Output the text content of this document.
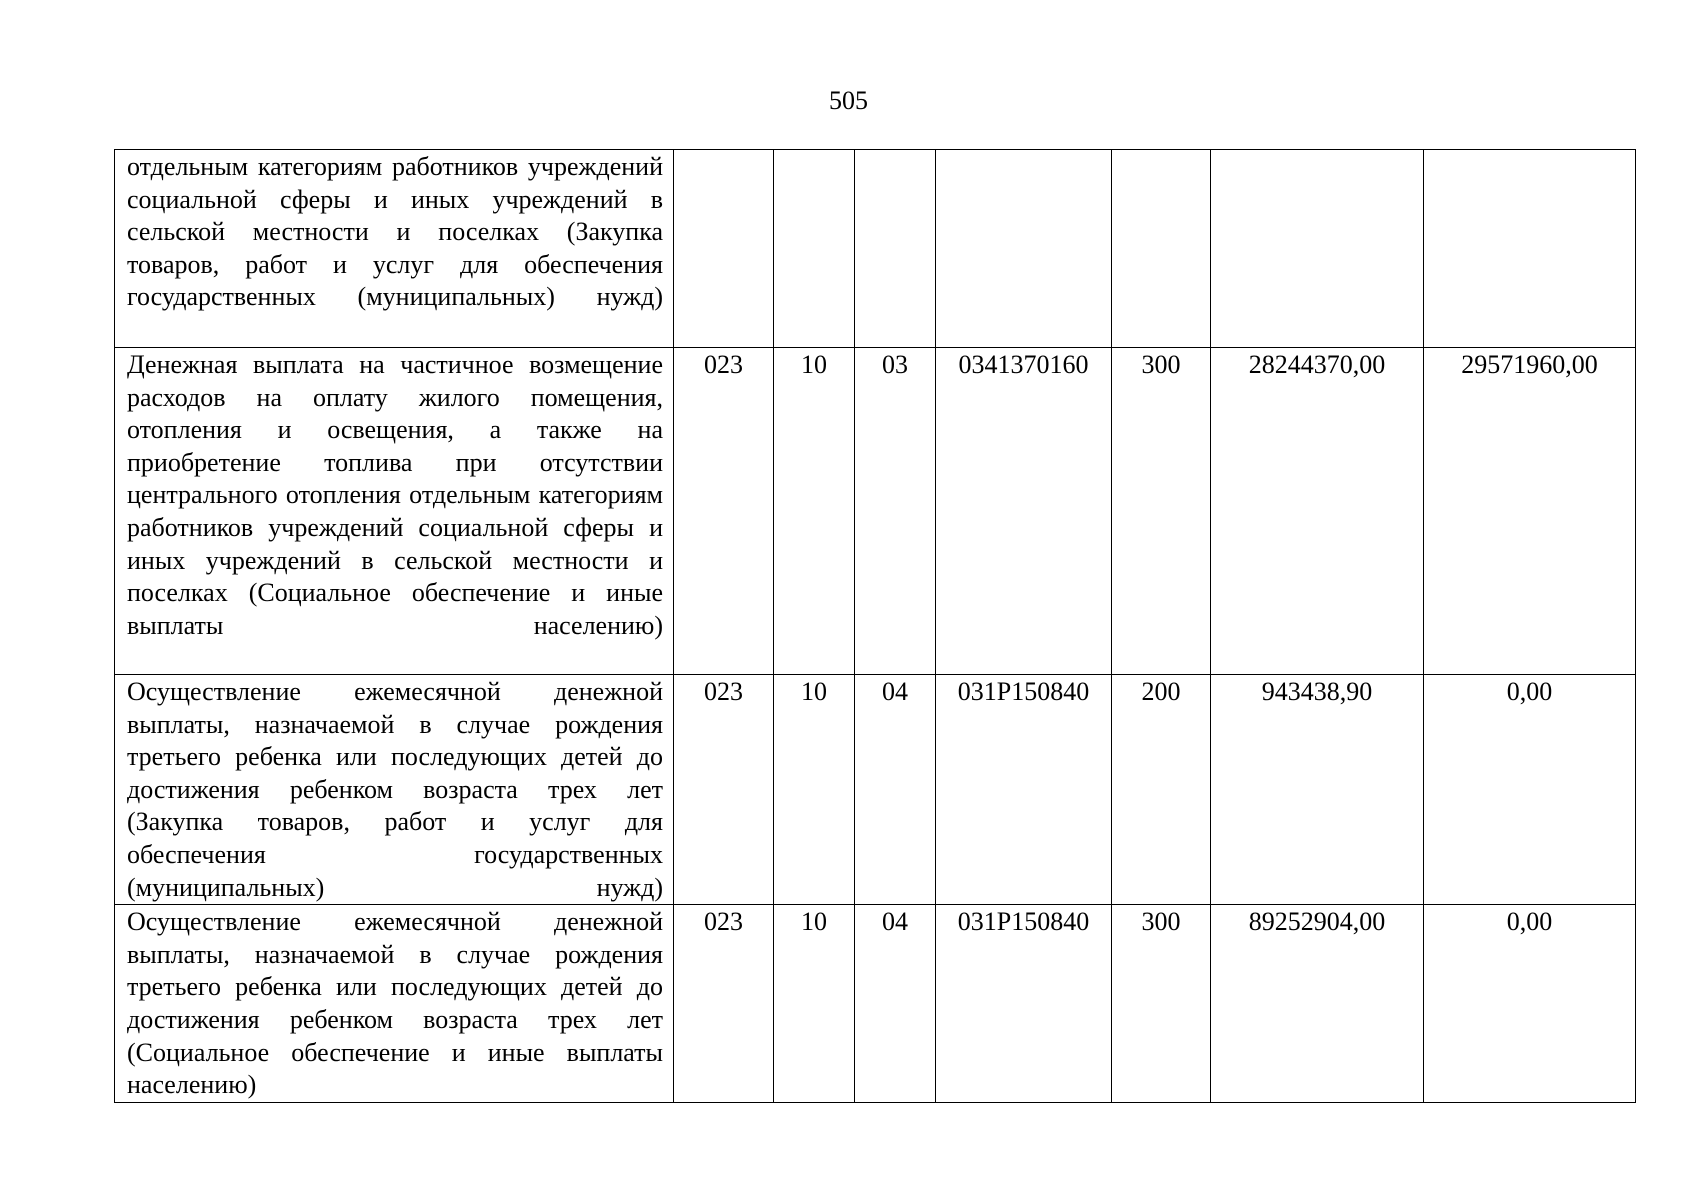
505
отдельным категориям работников учреждений социальной сферы и иных учреждений в сельской местности и поселках (Закупка товаров, работ и услуг для обеспечения государственных (муниципальных) нужд)							
Денежная выплата на частичное возмещение расходов на оплату жилого помещения, отопления и освещения, а также на приобретение топлива при отсутствии центрального отопления отдельным категориям работников учреждений социальной сферы и иных учреждений в сельской местности и поселках (Социальное обеспечение и иные выплаты населению)	023	10	03	0341370160	300	28244370,00	29571960,00
Осуществление ежемесячной денежной выплаты, назначаемой в случае рождения третьего ребенка или последующих детей до достижения ребенком возраста трех лет (Закупка товаров, работ и услуг для обеспечения государственных (муниципальных) нужд)	023	10	04	031P150840	200	943438,90	0,00
Осуществление ежемесячной денежной выплаты, назначаемой в случае рождения третьего ребенка или последующих детей до достижения ребенком возраста трех лет (Социальное обеспечение и иные выплаты населению)	023	10	04	031P150840	300	89252904,00	0,00
